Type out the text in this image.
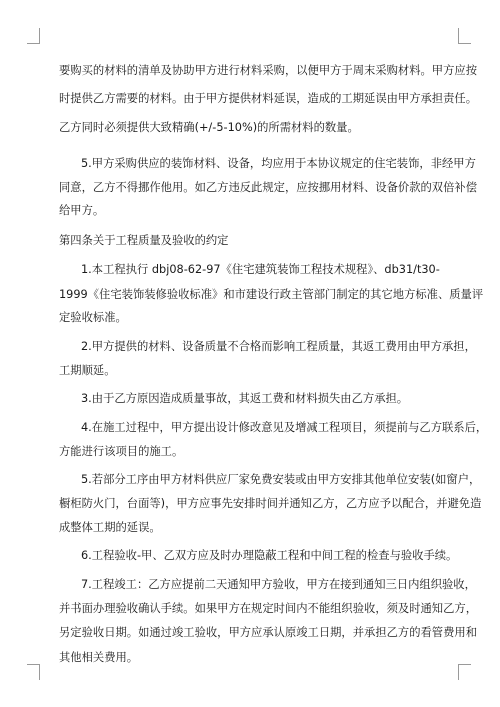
要购买的材料的清单及协助甲方进行材料采购，以便甲方于周末采购材料。甲方应按
时提供乙方需要的材料。由于甲方提供材料延误，造成的工期延误由甲方承担责任。
乙方同时必须提供大致精确(+/-5-10%)的所需材料的数量。
5.甲方采购供应的装饰材料、设备，均应用于本协议规定的住宅装饰，非经甲方
同意，乙方不得挪作他用。如乙方违反此规定，应按挪用材料、设备价款的双倍补偿
给甲方。
第四条关于工程质量及验收的约定
1.本工程执行 dbj08-62-97《住宅建筑装饰工程技术规程》、db31/t30-
1999《住宅装饰装修验收标准》和市建设行政主管部门制定的其它地方标准、质量评
定验收标准。
2.甲方提供的材料、设备质量不合格而影响工程质量，其返工费用由甲方承担，
工期顺延。
3.由于乙方原因造成质量事故，其返工费和材料损失由乙方承担。
4.在施工过程中，甲方提出设计修改意见及增减工程项目，须提前与乙方联系后，
方能进行该项目的施工。
5.若部分工序由甲方材料供应厂家免费安装或由甲方安排其他单位安装(如窗户，
橱柜防火门，台面等)，甲方应事先安排时间并通知乙方，乙方应予以配合，并避免造
成整体工期的延误。
6.工程验收-甲、乙双方应及时办理隐蔽工程和中间工程的检查与验收手续。
7.工程竣工：乙方应提前二天通知甲方验收，甲方在接到通知三日内组织验收，
并书面办理验收确认手续。如果甲方在规定时间内不能组织验收，须及时通知乙方，
另定验收日期。如通过竣工验收，甲方应承认原竣工日期，并承担乙方的看管费用和
其他相关费用。
